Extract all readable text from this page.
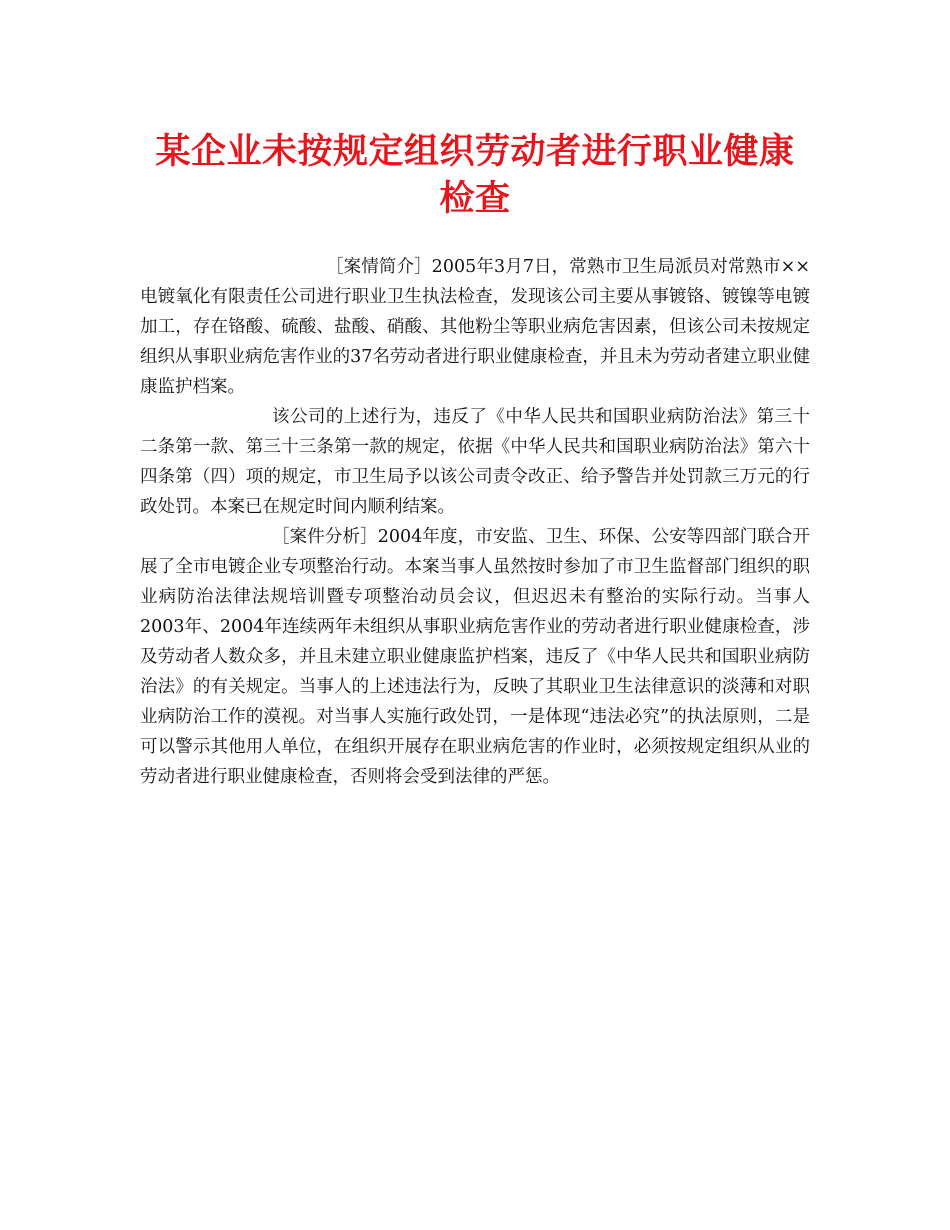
某企业未按规定组织劳动者进行职业健康检查

［案情简介］2005年3月7日，常熟市卫生局派员对常熟市××电镀氧化有限责任公司进行职业卫生执法检查，发现该公司主要从事镀铬、镀镍等电镀加工，存在铬酸、硫酸、盐酸、硝酸、其他粉尘等职业病危害因素，但该公司未按规定组织从事职业病危害作业的37名劳动者进行职业健康检查，并且未为劳动者建立职业健康监护档案。

该公司的上述行为，违反了《中华人民共和国职业病防治法》第三十二条第一款、第三十三条第一款的规定，依据《中华人民共和国职业病防治法》第六十四条第（四）项的规定，市卫生局予以该公司责令改正、给予警告并处罚款三万元的行政处罚。本案已在规定时间内顺利结案。

［案件分析］2004年度，市安监、卫生、环保、公安等四部门联合开展了全市电镀企业专项整治行动。本案当事人虽然按时参加了市卫生监督部门组织的职业病防治法律法规培训暨专项整治动员会议，但迟迟未有整治的实际行动。当事人2003年、2004年连续两年未组织从事职业病危害作业的劳动者进行职业健康检查，涉及劳动者人数众多，并且未建立职业健康监护档案，违反了《中华人民共和国职业病防治法》的有关规定。当事人的上述违法行为，反映了其职业卫生法律意识的淡薄和对职业病防治工作的漠视。对当事人实施行政处罚，一是体现“违法必究”的执法原则，二是可以警示其他用人单位，在组织开展存在职业病危害的作业时，必须按规定组织从业的劳动者进行职业健康检查，否则将会受到法律的严惩。
